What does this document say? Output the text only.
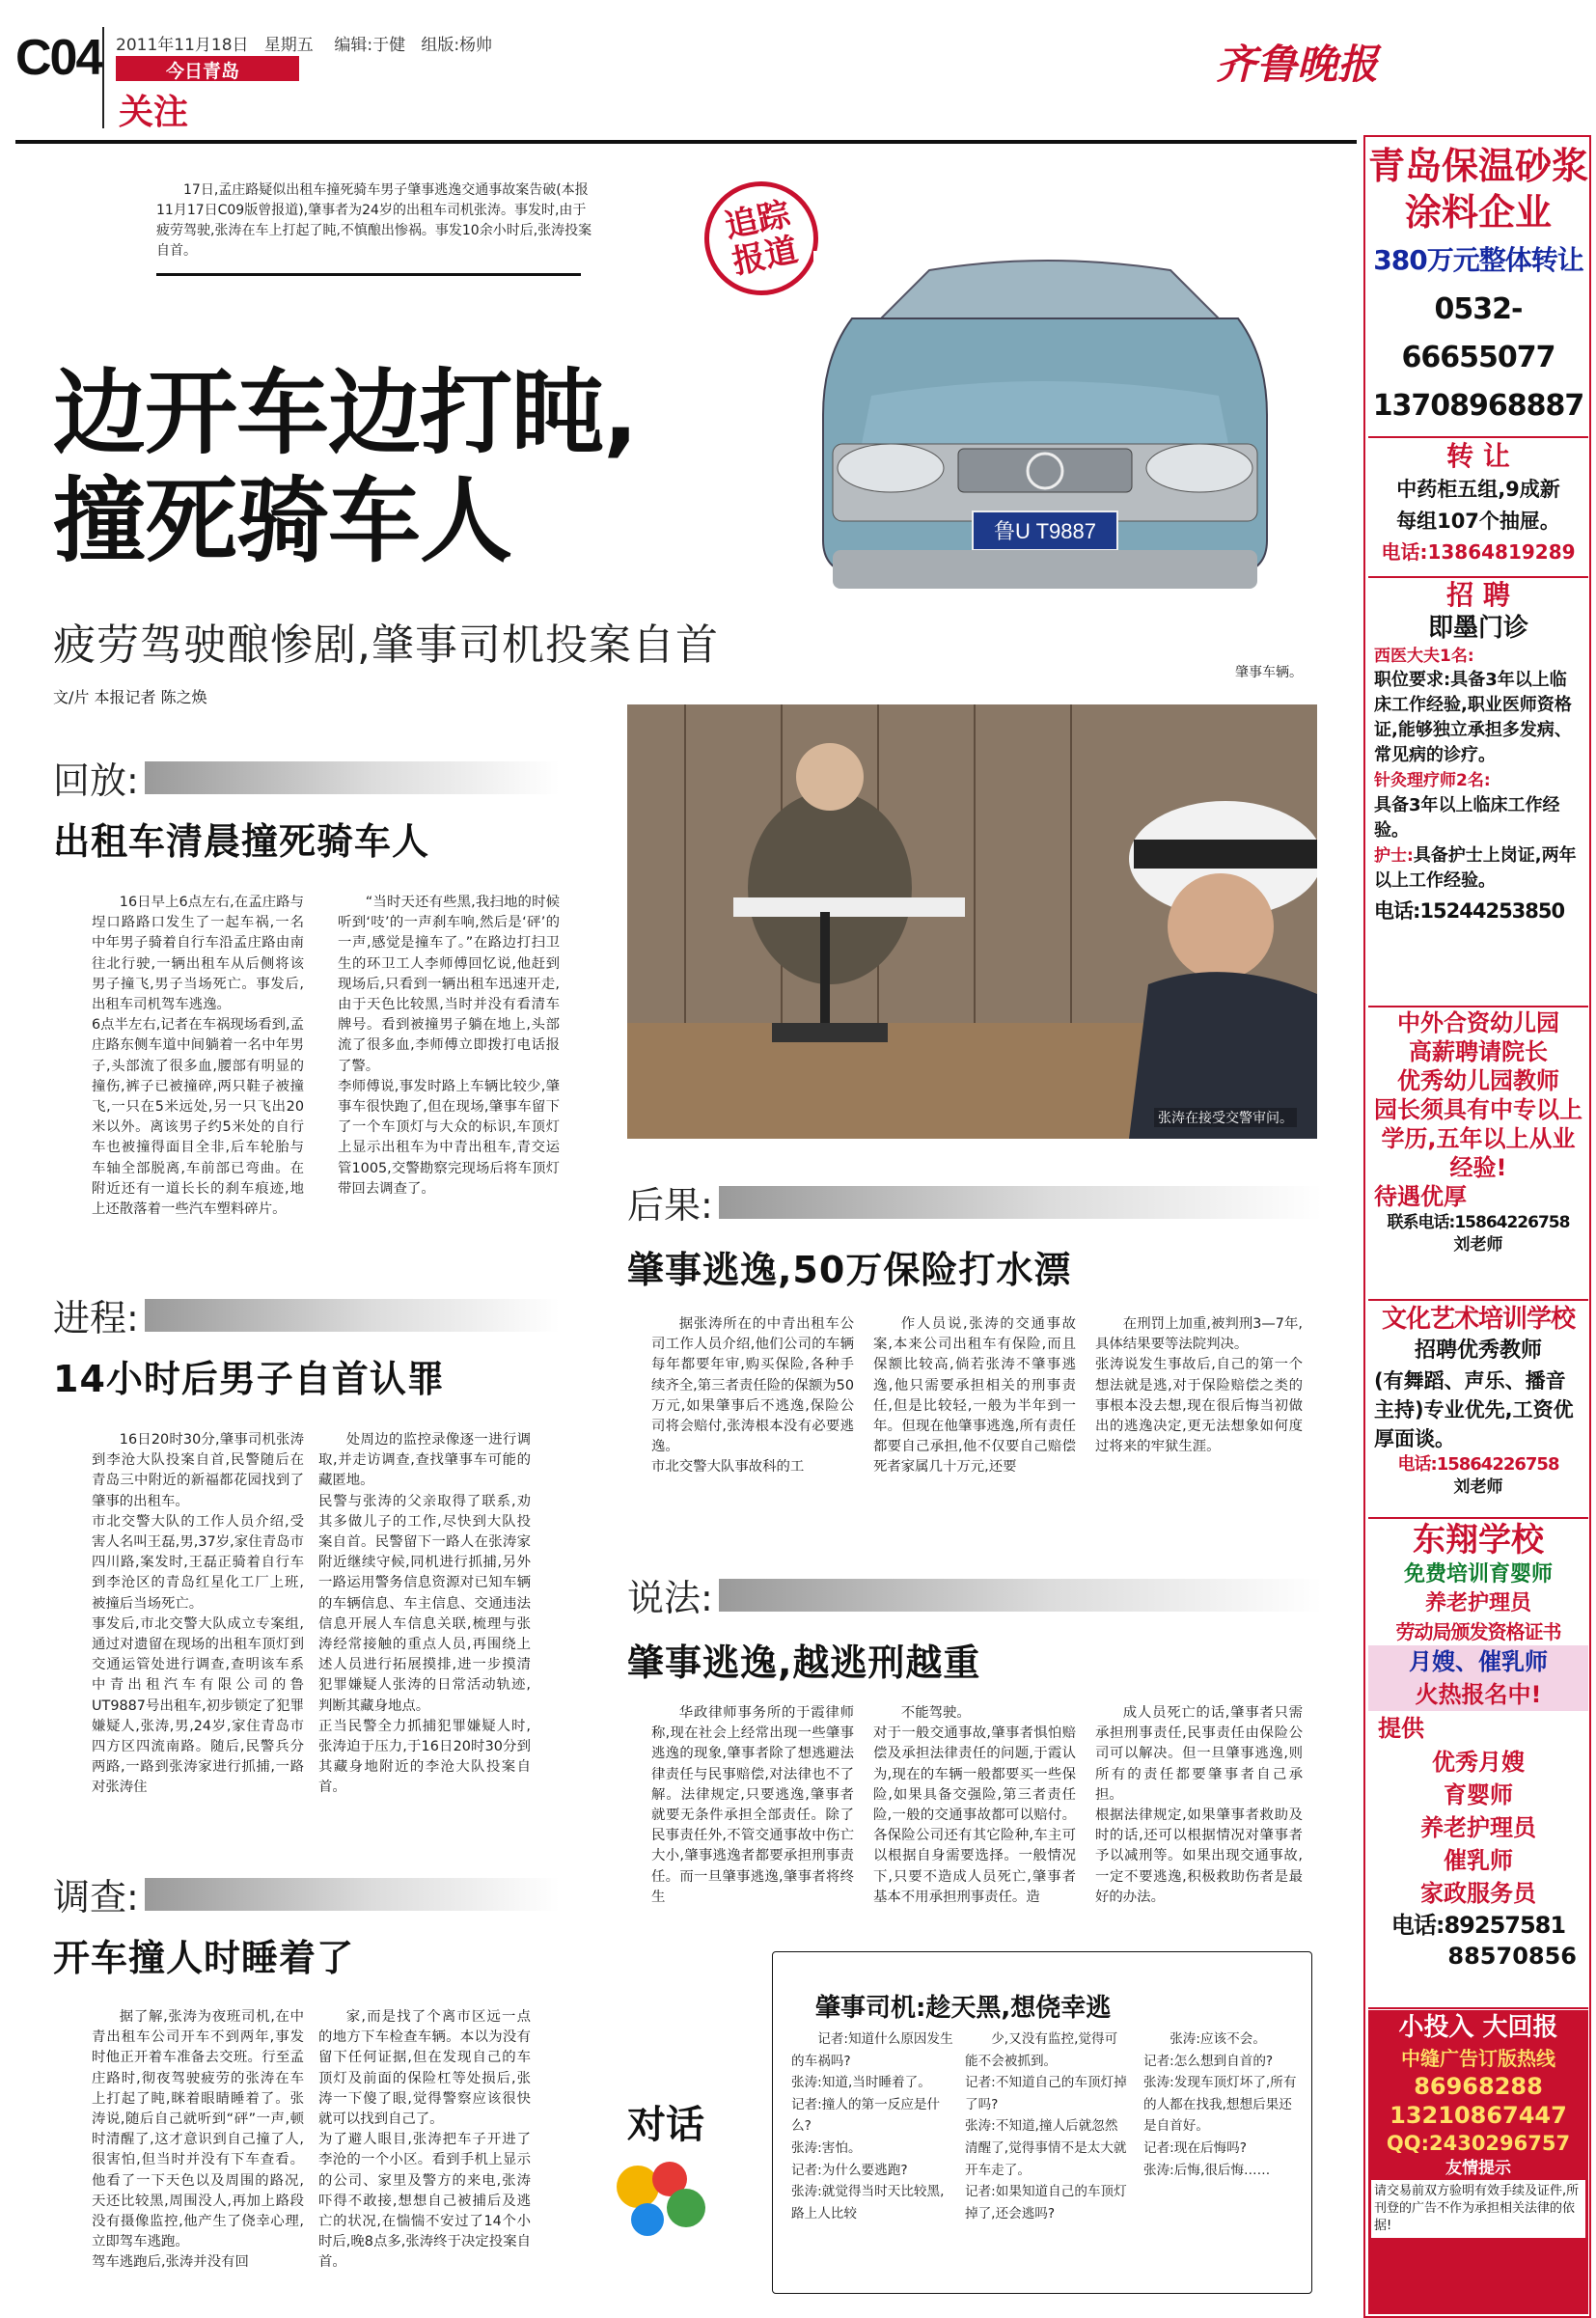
C04 2011年11月18日 星期五 编辑:于健 组版:杨帅
今日青岛
关注
齐鲁晚报
17日,孟庄路疑似出租车撞死骑车男子肇事逃逸交通事故案告破(本报11月17日C09版曾报道),肇事者为24岁的出租车司机张涛。事发时,由于疲劳驾驶,张涛在车上打起了盹,不慎酿出惨祸。事发10余小时后,张涛投案自首。
追踪
报道
鲁U T9887
肇事车辆。
边开车边打盹,
撞死骑车人
疲劳驾驶酿惨剧,肇事司机投案自首
文/片 本报记者 陈之焕
张涛在接受交警审问。
回放:
出租车清晨撞死骑车人
16日早上6点左右,在孟庄路与埕口路路口发生了一起车祸,一名中年男子骑着自行车沿孟庄路由南往北行驶,一辆出租车从后侧将该男子撞飞,男子当场死亡。事发后,出租车司机驾车逃逸。
6点半左右,记者在车祸现场看到,孟庄路东侧车道中间躺着一名中年男子,头部流了很多血,腰部有明显的撞伤,裤子已被撞碎,两只鞋子被撞飞,一只在5米远处,另一只飞出20米以外。离该男子约5米处的自行车也被撞得面目全非,后车轮胎与车轴全部脱离,车前部已弯曲。在附近还有一道长长的刹车痕迹,地上还散落着一些汽车塑料碎片。
“当时天还有些黑,我扫地的时候听到‘吱’的一声刹车响,然后是‘砰’的一声,感觉是撞车了。”在路边打扫卫生的环卫工人李师傅回忆说,他赶到现场后,只看到一辆出租车迅速开走,由于天色比较黑,当时并没有看清车牌号。看到被撞男子躺在地上,头部流了很多血,李师傅立即拨打电话报了警。
李师傅说,事发时路上车辆比较少,肇事车很快跑了,但在现场,肇事车留下了一个车顶灯与大众的标识,车顶灯上显示出租车为中青出租车,青交运管1005,交警勘察完现场后将车顶灯带回去调查了。
进程:
14小时后男子自首认罪
16日20时30分,肇事司机张涛到李沧大队投案自首,民警随后在青岛三中附近的新福都花园找到了肇事的出租车。
市北交警大队的工作人员介绍,受害人名叫王磊,男,37岁,家住青岛市四川路,案发时,王磊正骑着自行车到李沧区的青岛红星化工厂上班,被撞后当场死亡。
事发后,市北交警大队成立专案组,通过对遗留在现场的出租车顶灯到交通运管处进行调查,查明该车系中青出租汽车有限公司的鲁UT9887号出租车,初步锁定了犯罪嫌疑人,张涛,男,24岁,家住青岛市四方区四流南路。随后,民警兵分两路,一路到张涛家进行抓捕,一路对张涛住
处周边的监控录像逐一进行调取,并走访调查,查找肇事车可能的藏匿地。
民警与张涛的父亲取得了联系,劝其多做儿子的工作,尽快到大队投案自首。民警留下一路人在张涛家附近继续守候,同机进行抓捕,另外一路运用警务信息资源对已知车辆的车辆信息、车主信息、交通违法信息开展人车信息关联,梳理与张涛经常接触的重点人员,再围绕上述人员进行拓展摸排,进一步摸清犯罪嫌疑人张涛的日常活动轨迹,判断其藏身地点。
正当民警全力抓捕犯罪嫌疑人时,张涛迫于压力,于16日20时30分到其藏身地附近的李沧大队投案自首。
调查:
开车撞人时睡着了
据了解,张涛为夜班司机,在中青出租车公司开车不到两年,事发时他正开着车准备去交班。行至孟庄路时,彻夜驾驶疲劳的张涛在车上打起了盹,眯着眼睛睡着了。张涛说,随后自己就听到“砰”一声,顿时清醒了,这才意识到自己撞了人,很害怕,但当时并没有下车查看。他看了一下天色以及周围的路况,天还比较黑,周围没人,再加上路段没有摄像监控,他产生了侥幸心理,立即驾车逃跑。
驾车逃跑后,张涛并没有回
家,而是找了个离市区远一点的地方下车检查车辆。本以为没有留下任何证据,但在发现自己的车顶灯及前面的保险杠等处损后,张涛一下傻了眼,觉得警察应该很快就可以找到自己了。
为了避人眼目,张涛把车子开进了李沧的一个小区。看到手机上显示的公司、家里及警方的来电,张涛吓得不敢接,想想自己被捕后及逃亡的状况,在惴惴不安过了14个小时后,晚8点多,张涛终于决定投案自首。
后果:
肇事逃逸,50万保险打水漂
据张涛所在的中青出租车公司工作人员介绍,他们公司的车辆每年都要年审,购买保险,各种手续齐全,第三者责任险的保额为50万元,如果肇事后不逃逸,保险公司将会赔付,张涛根本没有必要逃逸。
市北交警大队事故科的工
作人员说,张涛的交通事故案,本来公司出租车有保险,而且保额比较高,倘若张涛不肇事逃逸,他只需要承担相关的刑事责任,但是比较轻,一般为半年到一年。但现在他肇事逃逸,所有责任都要自己承担,他不仅要自己赔偿死者家属几十万元,还要
在刑罚上加重,被判刑3—7年,具体结果要等法院判决。
张涛说发生事故后,自己的第一个想法就是逃,对于保险赔偿之类的事根本没去想,现在很后悔当初做出的逃逸决定,更无法想象如何度过将来的牢狱生涯。
说法:
肇事逃逸,越逃刑越重
华政律师事务所的于霞律师称,现在社会上经常出现一些肇事逃逸的现象,肇事者除了想逃避法律责任与民事赔偿,对法律也不了解。法律规定,只要逃逸,肇事者就要无条件承担全部责任。除了民事责任外,不管交通事故中伤亡大小,肇事逃逸者都要承担刑事责任。而一旦肇事逃逸,肇事者将终生
不能驾驶。
对于一般交通事故,肇事者惧怕赔偿及承担法律责任的问题,于霞认为,现在的车辆一般都要买一些保险,如果具备交强险,第三者责任险,一般的交通事故都可以赔付。各保险公司还有其它险种,车主可以根据自身需要选择。一般情况下,只要不造成人员死亡,肇事者基本不用承担刑事责任。造
成人员死亡的话,肇事者只需承担刑事责任,民事责任由保险公司可以解决。但一旦肇事逃逸,则所有的责任都要肇事者自己承担。
根据法律规定,如果肇事者救助及时的话,还可以根据情况对肇事者予以减刑等。如果出现交通事故,一定不要逃逸,积极救助伤者是最好的办法。
肇事司机:趁天黑,想侥幸逃
对话
记者:知道什么原因发生的车祸吗?
张涛:知道,当时睡着了。
记者:撞人的第一反应是什么?
张涛:害怕。
记者:为什么要逃跑?
张涛:就觉得当时天比较黑,路上人比较
少,又没有监控,觉得可能不会被抓到。
记者:不知道自己的车顶灯掉了吗?
张涛:不知道,撞人后就忽然清醒了,觉得事情不是太大就开车走了。
记者:如果知道自己的车顶灯掉了,还会逃吗?
张涛:应该不会。
记者:怎么想到自首的?
张涛:发现车顶灯坏了,所有的人都在找我,想想后果还是自首好。
记者:现在后悔吗?
张涛:后悔,很后悔……
青岛保温砂浆
涂料企业
380万元整体转让
0532-66655077
13708968887
转 让
中药柜五组,9成新
每组107个抽屉。
电话:13864819289
招 聘
即墨门诊
西医大夫1名:
职位要求:具备3年以上临床工作经验,职业医师资格证,能够独立承担多发病、常见病的诊疗。
针灸理疗师2名:
具备3年以上临床工作经验。
护士:具备护士上岗证,两年以上工作经验。
电话:15244253850
中外合资幼儿园
高薪聘请院长
优秀幼儿园教师
园长须具有中专以上学历,五年以上从业经验!
待遇优厚
联系电话:15864226758
刘老师
文化艺术培训学校
招聘优秀教师
(有舞蹈、声乐、播音主持)专业优先,工资优厚面谈。
电话:15864226758
刘老师
东翔学校
免费培训育婴师
养老护理员
劳动局颁发资格证书
月嫂、催乳师
火热报名中!
提供
优秀月嫂
育婴师
养老护理员
催乳师
家政服务员
电话:89257581
88570856
小投入 大回报
中缝广告订版热线
86968288
13210867447
QQ:2430296757
友情提示
请交易前双方验明有效手续及证件,所刊登的广告不作为承担相关法律的依据!
